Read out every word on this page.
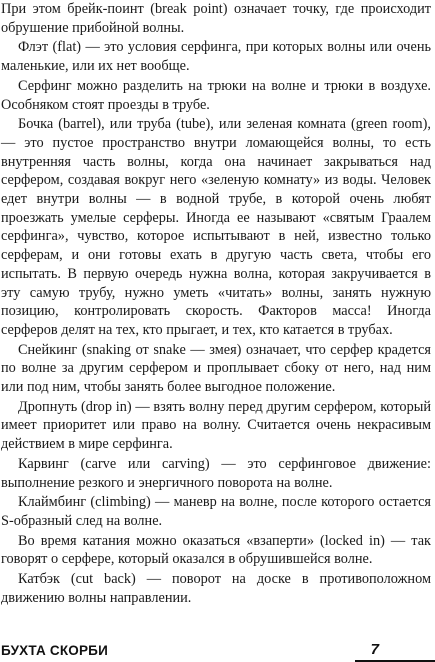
При этом брейк-поинт (break point) означает точку, где происходит обрушение прибойной волны.

Флэт (flat) — это условия серфинга, при которых волны или очень маленькие, или их нет вообще.

Серфинг можно разделить на трюки на волне и трюки в воздухе. Особняком стоят проезды в трубе.

Бочка (barrel), или труба (tube), или зеленая комната (green room), — это пустое пространство внутри ломающейся волны, то есть внутренняя часть волны, когда она начинает закрываться над серфером, создавая вокруг него «зеленую комнату» из воды. Человек едет внутри волны — в водной трубе, в которой очень любят проезжать умелые серферы. Иногда ее называют «святым Граалем серфинга», чувство, которое испытывают в ней, известно только серферам, и они готовы ехать в другую часть света, чтобы его испытать. В первую очередь нужна волна, которая закручивается в эту самую трубу, нужно уметь «читать» волны, занять нужную позицию, контролировать скорость. Факторов масса! Иногда серферов делят на тех, кто прыгает, и тех, кто катается в трубах.

Снейкинг (snaking от snake — змея) означает, что серфер крадется по волне за другим серфером и проплывает сбоку от него, над ним или под ним, чтобы занять более выгодное положение.

Дропнуть (drop in) — взять волну перед другим серфером, который имеет приоритет или право на волну. Считается очень некрасивым действием в мире серфинга.

Карвинг (carve или carving) — это серфинговое движение: выполнение резкого и энергичного поворота на волне.

Клаймбинг (climbing) — маневр на волне, после которого остается S-образный след на волне.

Во время катания можно оказаться «взаперти» (locked in) — так говорят о серфере, который оказался в обрушившейся волне.

Катбэк (cut back) — поворот на доске в противоположном движению волны направлении.

БУХТА СКОРБИ	7
